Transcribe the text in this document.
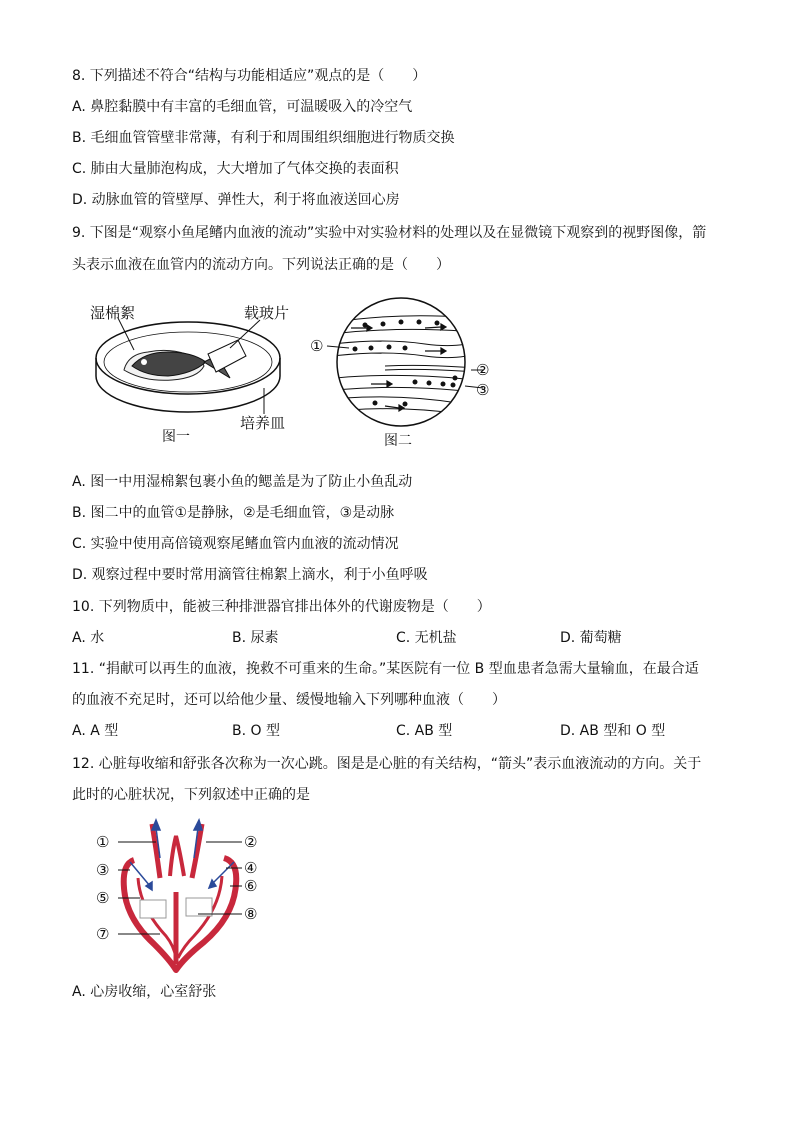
8. 下列描述不符合“结构与功能相适应”观点的是（　　）
A. 鼻腔黏膜中有丰富的毛细血管，可温暖吸入的冷空气
B. 毛细血管管壁非常薄，有利于和周围组织细胞进行物质交换
C. 肺由大量肺泡构成，大大增加了气体交换的表面积
D. 动脉血管的管壁厚、弹性大，利于将血液送回心房
9. 下图是“观察小鱼尾鳍内血液的流动”实验中对实验材料的处理以及在显微镜下观察到的视野图像，箭
头表示血液在血管内的流动方向。下列说法正确的是（　　）
湿棉絮	载玻片
培养皿
图一
①
②
③
图二
A. 图一中用湿棉絮包裹小鱼的鳃盖是为了防止小鱼乱动
B. 图二中的血管①是静脉，②是毛细血管，③是动脉
C. 实验中使用高倍镜观察尾鳍血管内血液的流动情况
D. 观察过程中要时常用滴管往棉絮上滴水，利于小鱼呼吸
10. 下列物质中，能被三种排泄器官排出体外的代谢废物是（　　）
A. 水	B. 尿素	C. 无机盐	D. 葡萄糖
11. “捐献可以再生的血液，挽救不可重来的生命。”某医院有一位 B 型血患者急需大量输血，在最合适
的血液不充足时，还可以给他少量、缓慢地输入下列哪种血液（　　）
A. A 型	B. O 型	C. AB 型	D. AB 型和 O 型
12. 心脏每收缩和舒张各次称为一次心跳。图是是心脏的有关结构，“箭头”表示血液流动的方向。关于
此时的心脏状况，下列叙述中正确的是
①	②
③	④
⑤
⑥
⑦
⑧
A. 心房收缩，心室舒张
